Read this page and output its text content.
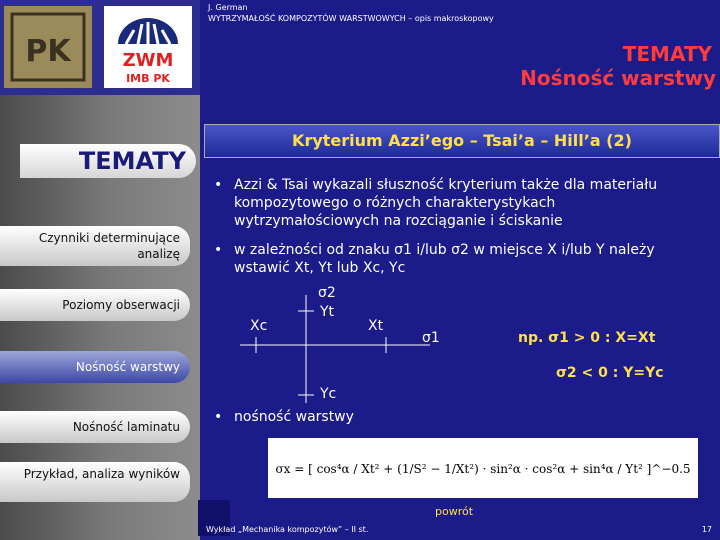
PK	ZWM
IMB PK
J. German
WYTRZYMAŁOŚĆ KOMPOZYTÓW WARSTWOWYCH – opis makroskopowy
TEMATY
Nośność warstwy
TEMATY
Czynniki determinujące analizę
Poziomy obserwacji
Nośność warstwy
Nośność laminatu
Przykład, analiza wyników
Kryterium Azzi’ego – Tsai’a – Hill’a (2)
• Azzi & Tsai wykazali słuszność kryterium także dla materiału
kompozytowego o różnych charakterystykach
wytrzymałościowych na rozciąganie i ściskanie
• w zależności od znaku σ1 i/lub σ2 w miejsce X i/lub Y należy
wstawić Xt, Yt lub Xc, Yc
σ2
Yt
Xc	Xt
σ1
Yc
np. σ1 > 0 : X=Xt
σ2 < 0 : Y=Yc
• nośność warstwy
σx = [ cos⁴α / Xt² + (1/S² − 1/Xt²) · sin²α · cos²α + sin⁴α / Yt² ]^−0.5
powrót
Wykład „Mechanika kompozytów” – II st.	17
